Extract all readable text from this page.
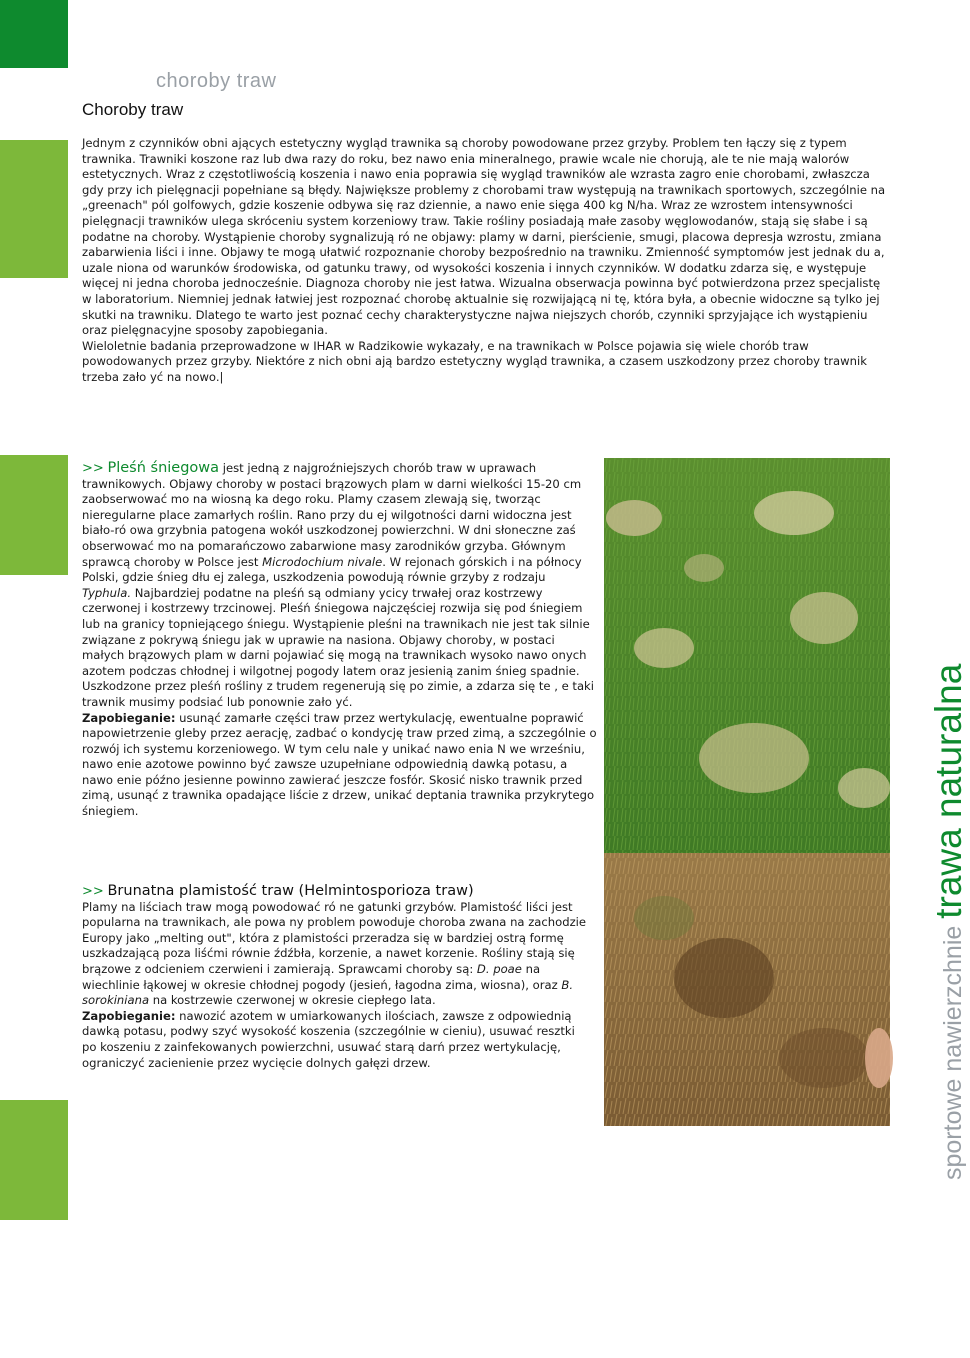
choroby traw
Choroby traw

Jednym z czynników obni ających estetyczny wygląd trawnika są choroby powodowane przez grzyby. Problem ten łączy się z typem trawnika. Trawniki koszone raz lub dwa razy do roku, bez nawo enia mineralnego, prawie wcale nie chorują, ale te nie mają walorów estetycznych. Wraz z częstotliwością koszenia i nawo enia poprawia się wygląd trawników ale wzrasta zagro enie chorobami, zwłaszcza gdy przy ich pielęgnacji popełniane są błędy. Największe problemy z chorobami traw występują na trawnikach sportowych, szczególnie na „greenach" pól golfowych, gdzie koszenie odbywa się raz dziennie, a nawo enie sięga 400 kg N/ha. Wraz ze wzrostem intensywności pielęgnacji trawników ulega skróceniu system korzeniowy traw. Takie rośliny posiadają małe zasoby węglowodanów, stają się słabe i są podatne na choroby. Wystąpienie choroby sygnalizują ró ne objawy: plamy w darni, pierścienie, smugi, placowa depresja wzrostu, zmiana zabarwienia liści i inne. Objawy te mogą ułatwić rozpoznanie choroby bezpośrednio na trawniku. Zmienność symptomów jest jednak du a, uzale niona od warunków środowiska, od gatunku trawy, od wysokości koszenia i innych czynników. W dodatku zdarza się, e występuje więcej ni jedna choroba jednocześnie. Diagnoza choroby nie jest łatwa. Wizualna obserwacja powinna być potwierdzona przez specjalistę w laboratorium. Niemniej jednak łatwiej jest rozpoznać chorobę aktualnie się rozwijającą ni tę, która była, a obecnie widoczne są tylko jej skutki na trawniku. Dlatego te warto jest poznać cechy charakterystyczne najwa niejszych chorób, czynniki sprzyjające ich wystąpieniu oraz pielęgnacyjne sposoby zapobiegania.

Wieloletnie badania przeprowadzone w IHAR w Radzikowie wykazały, e na trawnikach w Polsce pojawia się wiele chorób traw powodowanych przez grzyby. Niektóre z nich obni ają bardzo estetyczny wygląd trawnika, a czasem uszkodzony przez choroby trawnik trzeba zało yć na nowo.|

>> Pleśń śniegowa jest jedną z najgroźniejszych chorób traw w uprawach trawnikowych. Objawy choroby w postaci brązowych plam w darni wielkości 15-20 cm zaobserwować mo na wiosną ka dego roku. Plamy czasem zlewają się, tworząc nieregularne place zamarłych roślin. Rano przy du ej wilgotności darni widoczna jest biało-ró owa grzybnia patogena wokół uszkodzonej powierzchni. W dni słoneczne zaś obserwować mo na pomarańczowo zabarwione masy zarodników grzyba. Głównym sprawcą choroby w Polsce jest Microdochium nivale. W rejonach górskich i na północy Polski, gdzie śnieg dłu ej zalega, uszkodzenia powodują równie grzyby z rodzaju Typhula. Najbardziej podatne na pleśń są odmiany ycicy trwałej oraz kostrzewy czerwonej i kostrzewy trzcinowej. Pleśń śniegowa najczęściej rozwija się pod śniegiem lub na granicy topniejącego śniegu. Wystąpienie pleśni na trawnikach nie jest tak silnie związane z pokrywą śniegu jak w uprawie na nasiona. Objawy choroby, w postaci małych brązowych plam w darni pojawiać się mogą na trawnikach wysoko nawo onych azotem podczas chłodnej i wilgotnej pogody latem oraz jesienią zanim śnieg spadnie. Uszkodzone przez pleśń rośliny z trudem regenerują się po zimie, a zdarza się te , e taki trawnik musimy podsiać lub ponownie zało yć.

Zapobieganie: usunąć zamarłe części traw przez wertykulację, ewentualne poprawić napowietrzenie gleby przez aerację, zadbać o kondycję traw przed zimą, a szczególnie o rozwój ich systemu korzeniowego. W tym celu nale y unikać nawo enia N we wrześniu, nawo enie azotowe powinno być zawsze uzupełniane odpowiednią dawką potasu, a nawo enie późno jesienne powinno zawierać jeszcze fosfór. Skosić nisko trawnik przed zimą, usunąć z trawnika opadające liście z drzew, unikać deptania trawnika przykrytego śniegiem.

>> Brunatna plamistość traw (Helmintosporioza traw)

Plamy na liściach traw mogą powodować ró ne gatunki grzybów. Plamistość liści jest popularna na trawnikach, ale powa ny problem powoduje choroba zwana na zachodzie Europy jako „melting out", która z plamistości przeradza się w bardziej ostrą formę uszkadzającą poza liśćmi równie źdźbła, korzenie, a nawet korzenie. Rośliny stają się brązowe z odcieniem czerwieni i zamierają. Sprawcami choroby są: D. poae na wiechlinie łąkowej w okresie chłodnej pogody (jesień, łagodna zima, wiosna), oraz B. sorokiniana na kostrzewie czerwonej w okresie ciepłego lata.

Zapobieganie: nawozić azotem w umiarkowanych ilościach, zawsze z odpowiednią dawką potasu, podwy szyć wysokość koszenia (szczególnie w cieniu), usuwać resztki po koszeniu z zainfekowanych powierzchni, usuwać starą darń przez wertykulację, ograniczyć zacienienie przez wycięcie dolnych gałęzi drzew.	sportowe nawierzchnie trawa naturalna
